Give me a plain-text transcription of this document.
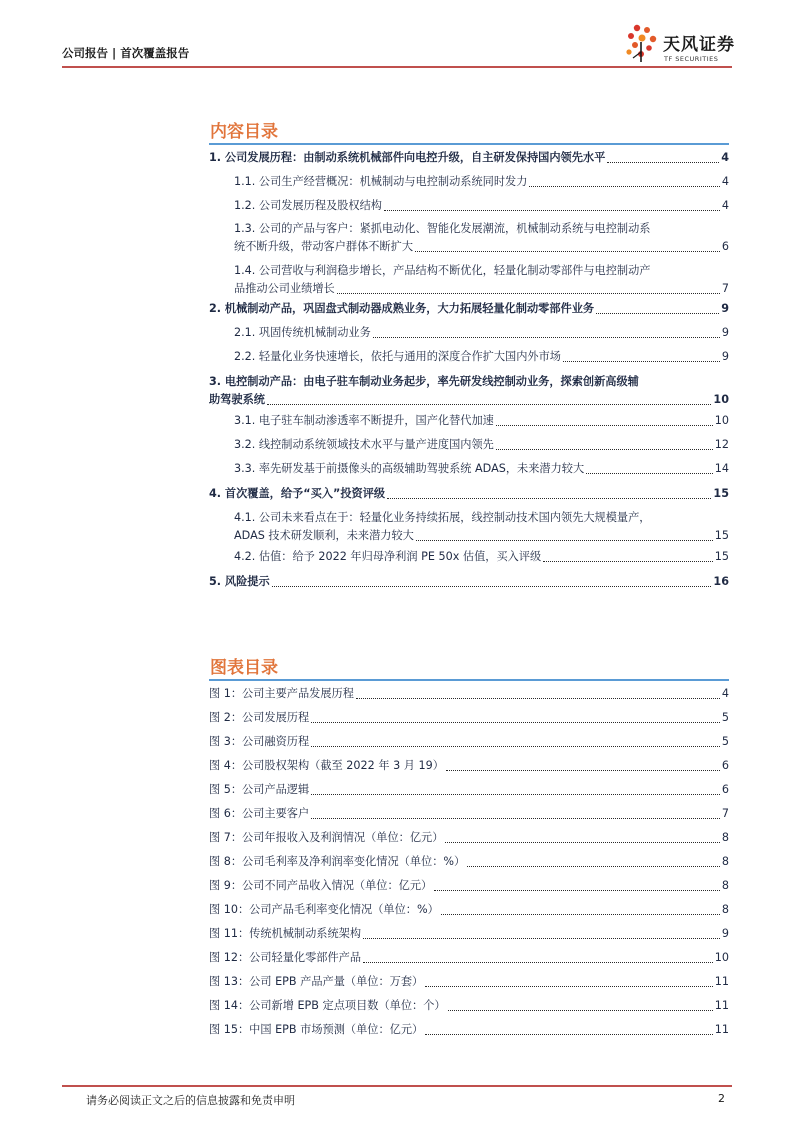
公司报告 | 首次覆盖报告	天风证券
TF SECURITIES
内容目录
1. 公司发展历程：由制动系统机械部件向电控升级，自主研发保持国内领先水平	4
1.1. 公司生产经营概况：机械制动与电控制动系统同时发力	4
1.2. 公司发展历程及股权结构	4
1.3. 公司的产品与客户：紧抓电动化、智能化发展潮流，机械制动系统与电控制动系
统不断升级，带动客户群体不断扩大	6
1.4. 公司营收与利润稳步增长，产品结构不断优化，轻量化制动零部件与电控制动产
品推动公司业绩增长	7
2. 机械制动产品，巩固盘式制动器成熟业务，大力拓展轻量化制动零部件业务	9
2.1. 巩固传统机械制动业务	9
2.2. 轻量化业务快速增长，依托与通用的深度合作扩大国内外市场	9
3. 电控制动产品：由电子驻车制动业务起步，率先研发线控制动业务，探索创新高级辅
助驾驶系统	10
3.1. 电子驻车制动渗透率不断提升，国产化替代加速	10
3.2. 线控制动系统领域技术水平与量产进度国内领先	12
3.3. 率先研发基于前摄像头的高级辅助驾驶系统 ADAS，未来潜力较大	14
4. 首次覆盖，给予“买入”投资评级	15
4.1. 公司未来看点在于：轻量化业务持续拓展，线控制动技术国内领先大规模量产，
ADAS 技术研发顺利，未来潜力较大	15
4.2. 估值：给予 2022 年归母净利润 PE 50x 估值，买入评级	15
5. 风险提示	16
图表目录
图 1：公司主要产品发展历程	4
图 2：公司发展历程	5
图 3：公司融资历程	5
图 4：公司股权架构（截至 2022 年 3 月 19）	6
图 5：公司产品逻辑	6
图 6：公司主要客户	7
图 7：公司年报收入及利润情况（单位：亿元）	8
图 8：公司毛利率及净利润率变化情况（单位：%）	8
图 9：公司不同产品收入情况（单位：亿元）	8
图 10：公司产品毛利率变化情况（单位：%）	8
图 11：传统机械制动系统架构	9
图 12：公司轻量化零部件产品	10
图 13：公司 EPB 产品产量（单位：万套）	11
图 14：公司新增 EPB 定点项目数（单位：个）	11
图 15：中国 EPB 市场预测（单位：亿元）	11
请务必阅读正文之后的信息披露和免责申明	2
